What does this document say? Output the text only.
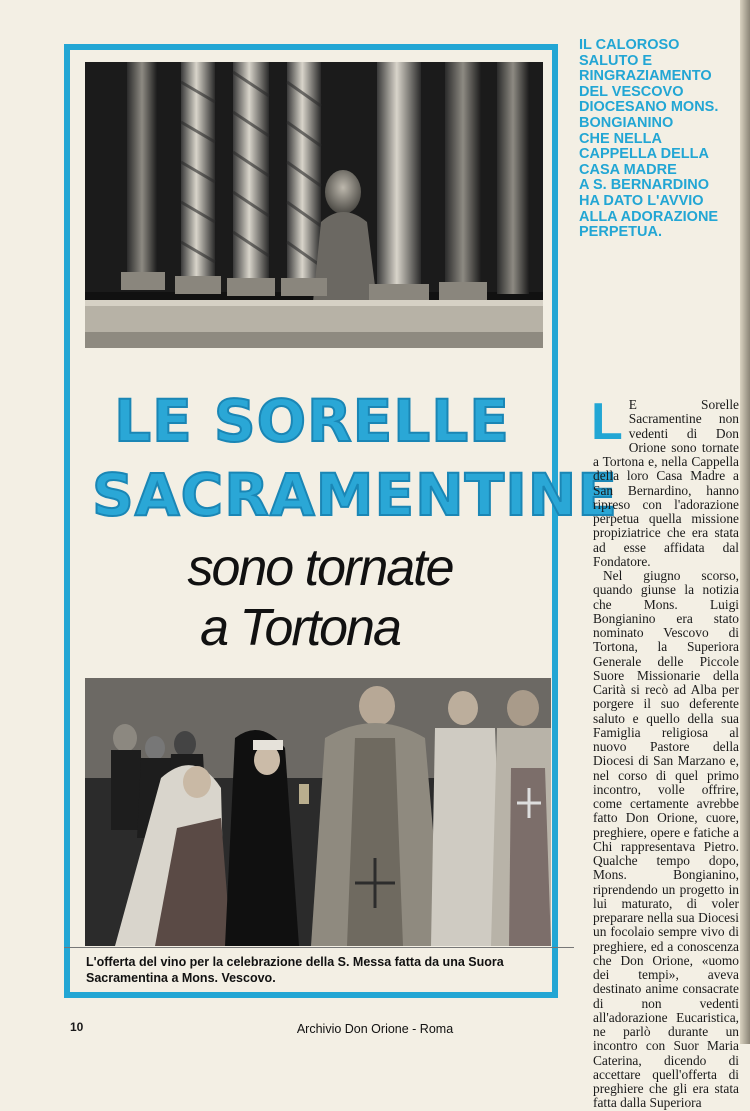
LE SORELLE
SACRAMENTINE
sono tornate
a Tortona
L'offerta del vino per la celebrazione della S. Messa fatta da una Suora Sacramentina a Mons. Vescovo.
IL CALOROSO
SALUTO E
RINGRAZIAMENTO
DEL VESCOVO
DIOCESANO MONS.
BONGIANINO
CHE NELLA
CAPPELLA DELLA
CASA MADRE
A S. BERNARDINO
HA DATO L'AVVIO
ALLA ADORAZIONE
PERPETUA.

L E Sorelle Sacramentine non vedenti di Don Orione sono tornate a Tortona e, nella Cappella della loro Casa Madre a San Bernardino, hanno ripreso con l'adorazione perpetua quella missione propiziatrice che era stata ad esse affidata dal Fondatore.

Nel giugno scorso, quando giunse la notizia che Mons. Luigi Bongianino era stato nominato Vescovo di Tortona, la Superiora Generale delle Piccole Suore Missionarie della Carità si recò ad Alba per porgere il suo deferente saluto e quello della sua Famiglia religiosa al nuovo Pastore della Diocesi di San Marzano e, nel corso di quel primo incontro, volle offrire, come certamente avrebbe fatto Don Orione, cuore, preghiere, opere e fatiche a Chi rappresentava Pietro. Qualche tempo dopo, Mons. Bongianino, riprendendo un progetto in lui maturato, di voler preparare nella sua Diocesi un focolaio sempre vivo di preghiere, ed a conoscenza che Don Orione, «uomo dei tempi», aveva destinato anime consacrate di non vedenti all'adorazione Eucaristica, ne parlò durante un incontro con Suor Maria Caterina, dicendo di accettare quell'offerta di preghiere che gli era stata fatta dalla Superiora

10	Archivio Don Orione - Roma
